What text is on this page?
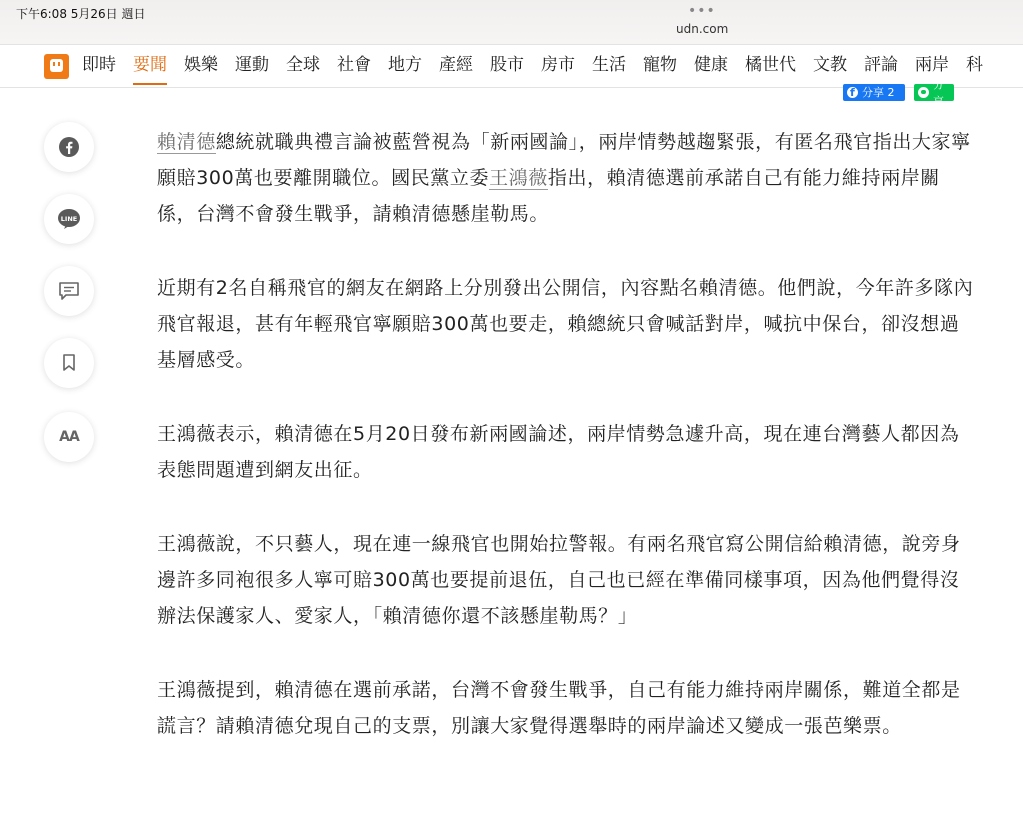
下午6:08 5月26日 週日	•••
udn.com
即時 要聞 娛樂 運動 全球 社會 地方 產經 股市 房市 生活 寵物 健康 橘世代 文教 評論 兩岸 科
f
分享 2
分享
LINE
AA

賴清德總統就職典禮言論被藍營視為「新兩國論」，兩岸情勢越趨緊張，有匿名飛官指出大家寧願賠300萬也要離開職位。國民黨立委王鴻薇指出，賴清德選前承諾自己有能力維持兩岸關係，台灣不會發生戰爭，請賴清德懸崖勒馬。

近期有2名自稱飛官的網友在網路上分別發出公開信，內容點名賴清德。他們說，今年許多隊內飛官報退，甚有年輕飛官寧願賠300萬也要走，賴總統只會喊話對岸，喊抗中保台，卻沒想過基層感受。

王鴻薇表示，賴清德在5月20日發布新兩國論述，兩岸情勢急遽升高，現在連台灣藝人都因為表態問題遭到網友出征。

王鴻薇說，不只藝人，現在連一線飛官也開始拉警報。有兩名飛官寫公開信給賴清德，說旁身邊許多同袍很多人寧可賠300萬也要提前退伍，自己也已經在準備同樣事項，因為他們覺得沒辦法保護家人、愛家人，「賴清德你還不該懸崖勒馬？」

王鴻薇提到，賴清德在選前承諾，台灣不會發生戰爭，自己有能力維持兩岸關係，難道全都是謊言？請賴清德兌現自己的支票，別讓大家覺得選舉時的兩岸論述又變成一張芭樂票。
